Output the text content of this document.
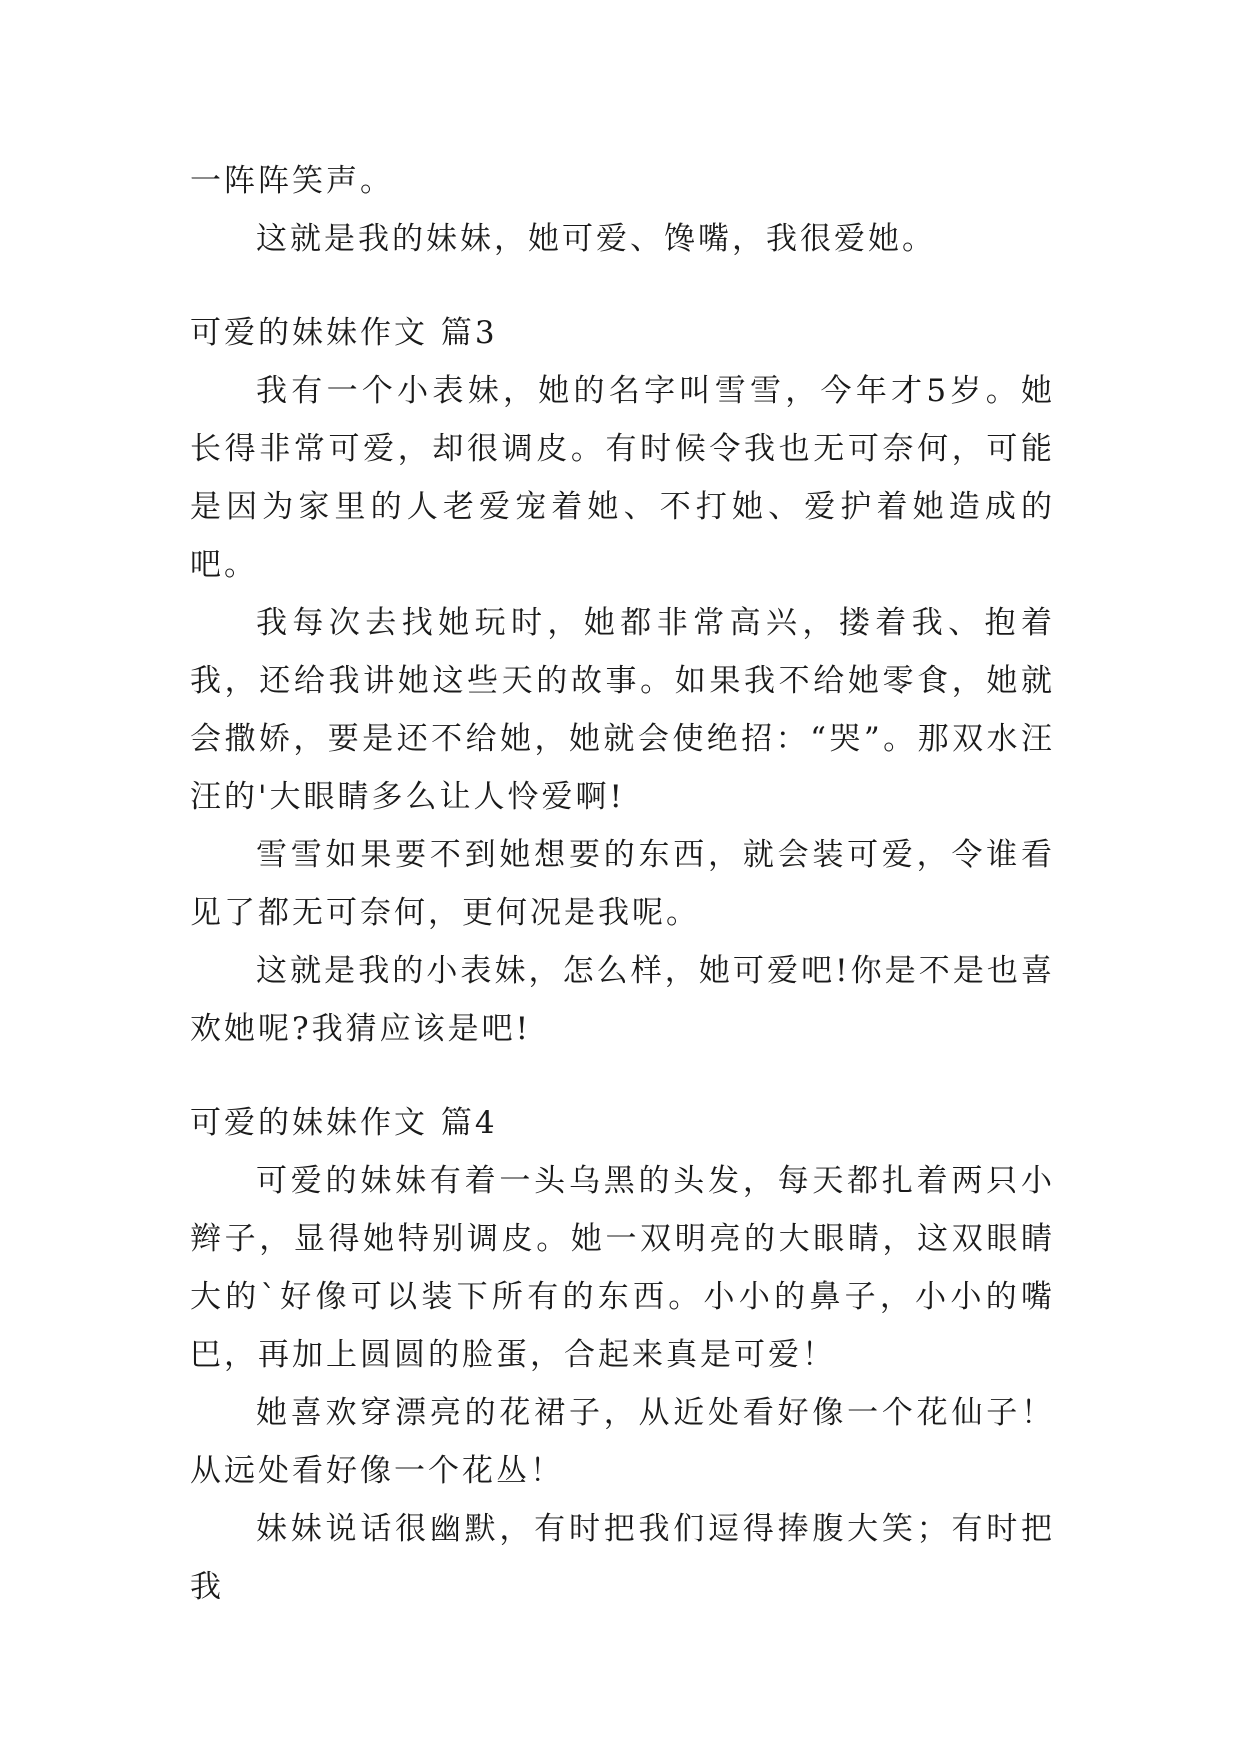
一阵阵笑声。

这就是我的妹妹，她可爱、馋嘴，我很爱她。

可爱的妹妹作文 篇3

我有一个小表妹，她的名字叫雪雪，今年才5岁。她长得非常可爱，却很调皮。有时候令我也无可奈何，可能是因为家里的人老爱宠着她、不打她、爱护着她造成的吧。

我每次去找她玩时，她都非常高兴，搂着我、抱着我，还给我讲她这些天的故事。如果我不给她零食，她就会撒娇，要是还不给她，她就会使绝招：“哭”。那双水汪汪的'大眼睛多么让人怜爱啊!

雪雪如果要不到她想要的东西，就会装可爱，令谁看见了都无可奈何，更何况是我呢。

这就是我的小表妹，怎么样，她可爱吧!你是不是也喜欢她呢?我猜应该是吧!

可爱的妹妹作文 篇4

可爱的妹妹有着一头乌黑的头发，每天都扎着两只小辫子，显得她特别调皮。她一双明亮的大眼睛，这双眼睛大的`好像可以装下所有的东西。小小的鼻子，小小的嘴巴，再加上圆圆的脸蛋，合起来真是可爱！

她喜欢穿漂亮的花裙子，从近处看好像一个花仙子！从远处看好像一个花丛！

妹妹说话很幽默，有时把我们逗得捧腹大笑；有时把我
